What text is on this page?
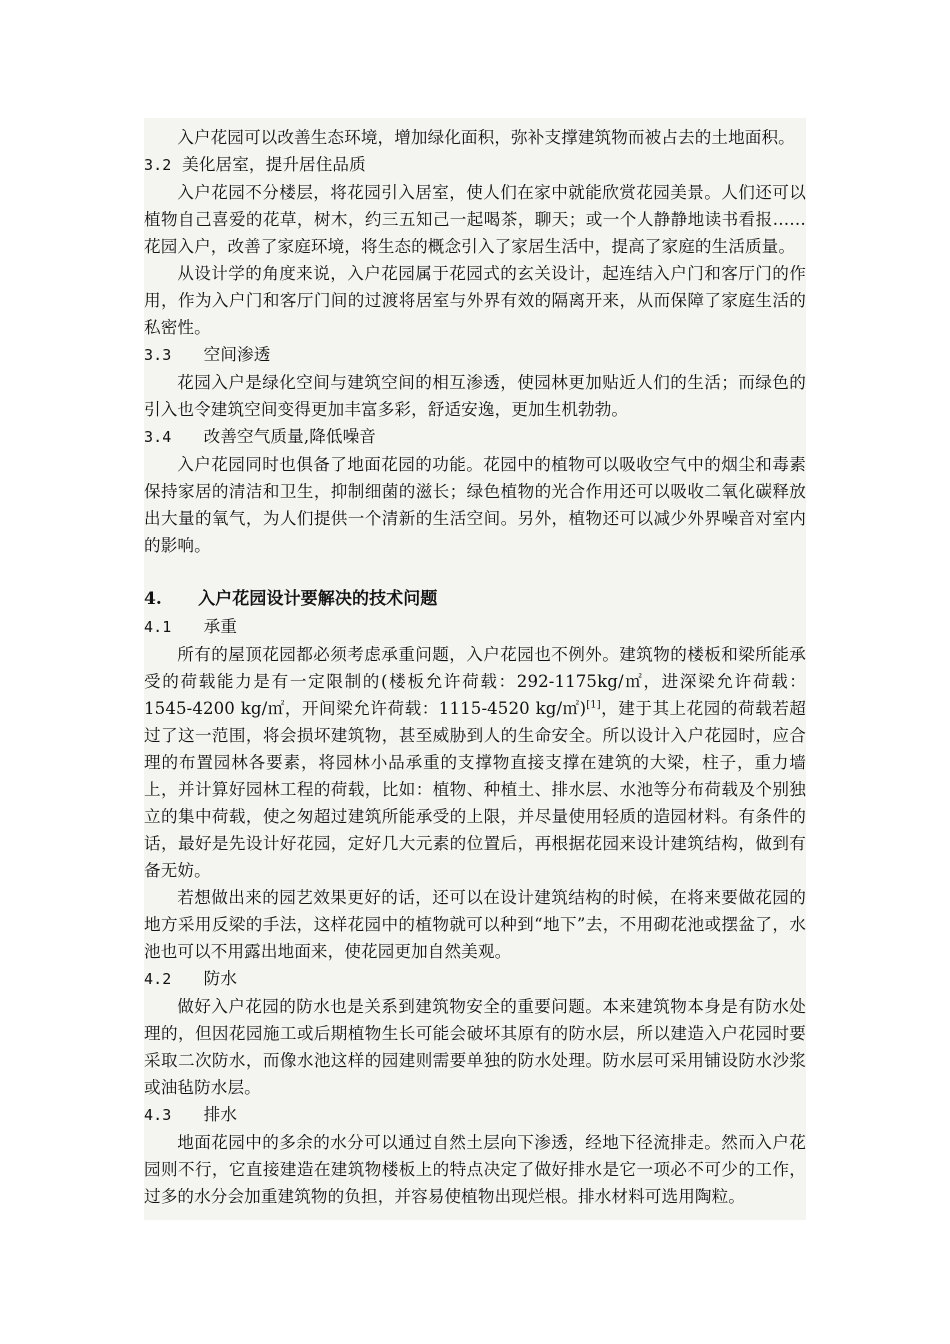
入户花园可以改善生态环境，增加绿化面积，弥补支撑建筑物而被占去的土地面积。

3.2 美化居室，提升居住品质

入户花园不分楼层，将花园引入居室，使人们在家中就能欣赏花园美景。人们还可以植物自己喜爱的花草，树木，约三五知己一起喝茶，聊天；或一个人静静地读书看报……花园入户，改善了家庭环境，将生态的概念引入了家居生活中，提高了家庭的生活质量。

从设计学的角度来说，入户花园属于花园式的玄关设计，起连结入户门和客厅门的作用，作为入户门和客厅门间的过渡将居室与外界有效的隔离开来，从而保障了家庭生活的私密性。

3.3 空间渗透

花园入户是绿化空间与建筑空间的相互渗透，使园林更加贴近人们的生活；而绿色的引入也令建筑空间变得更加丰富多彩，舒适安逸，更加生机勃勃。

3.4 改善空气质量,降低噪音

入户花园同时也俱备了地面花园的功能。花园中的植物可以吸收空气中的烟尘和毒素保持家居的清洁和卫生，抑制细菌的滋长；绿色植物的光合作用还可以吸收二氧化碳释放出大量的氧气，为人们提供一个清新的生活空间。另外，植物还可以减少外界噪音对室内的影响。

4. 入户花园设计要解决的技术问题

4.1 承重

所有的屋顶花园都必须考虑承重问题，入户花园也不例外。建筑物的楼板和梁所能承受的荷载能力是有一定限制的(楼板允许荷载：292-1175kg/㎡，进深梁允许荷载：1545-4200 kg/㎡，开间梁允许荷载：1115-4520 kg/㎡)[1]，建于其上花园的荷载若超过了这一范围，将会损坏建筑物，甚至威胁到人的生命安全。所以设计入户花园时，应合理的布置园林各要素，将园林小品承重的支撑物直接支撑在建筑的大梁，柱子，重力墙上，并计算好园林工程的荷载，比如：植物、种植土、排水层、水池等分布荷载及个别独立的集中荷载，使之匆超过建筑所能承受的上限，并尽量使用轻质的造园材料。有条件的话，最好是先设计好花园，定好几大元素的位置后，再根据花园来设计建筑结构，做到有备无妨。

若想做出来的园艺效果更好的话，还可以在设计建筑结构的时候，在将来要做花园的地方采用反梁的手法，这样花园中的植物就可以种到“地下”去，不用砌花池或摆盆了，水池也可以不用露出地面来，使花园更加自然美观。

4.2 防水

做好入户花园的防水也是关系到建筑物安全的重要问题。本来建筑物本身是有防水处理的，但因花园施工或后期植物生长可能会破坏其原有的防水层，所以建造入户花园时要采取二次防水，而像水池这样的园建则需要单独的防水处理。防水层可采用铺设防水沙浆或油毡防水层。

4.3 排水

地面花园中的多余的水分可以通过自然土层向下渗透，经地下径流排走。然而入户花园则不行，它直接建造在建筑物楼板上的特点决定了做好排水是它一项必不可少的工作，过多的水分会加重建筑物的负担，并容易使植物出现烂根。排水材料可选用陶粒。
